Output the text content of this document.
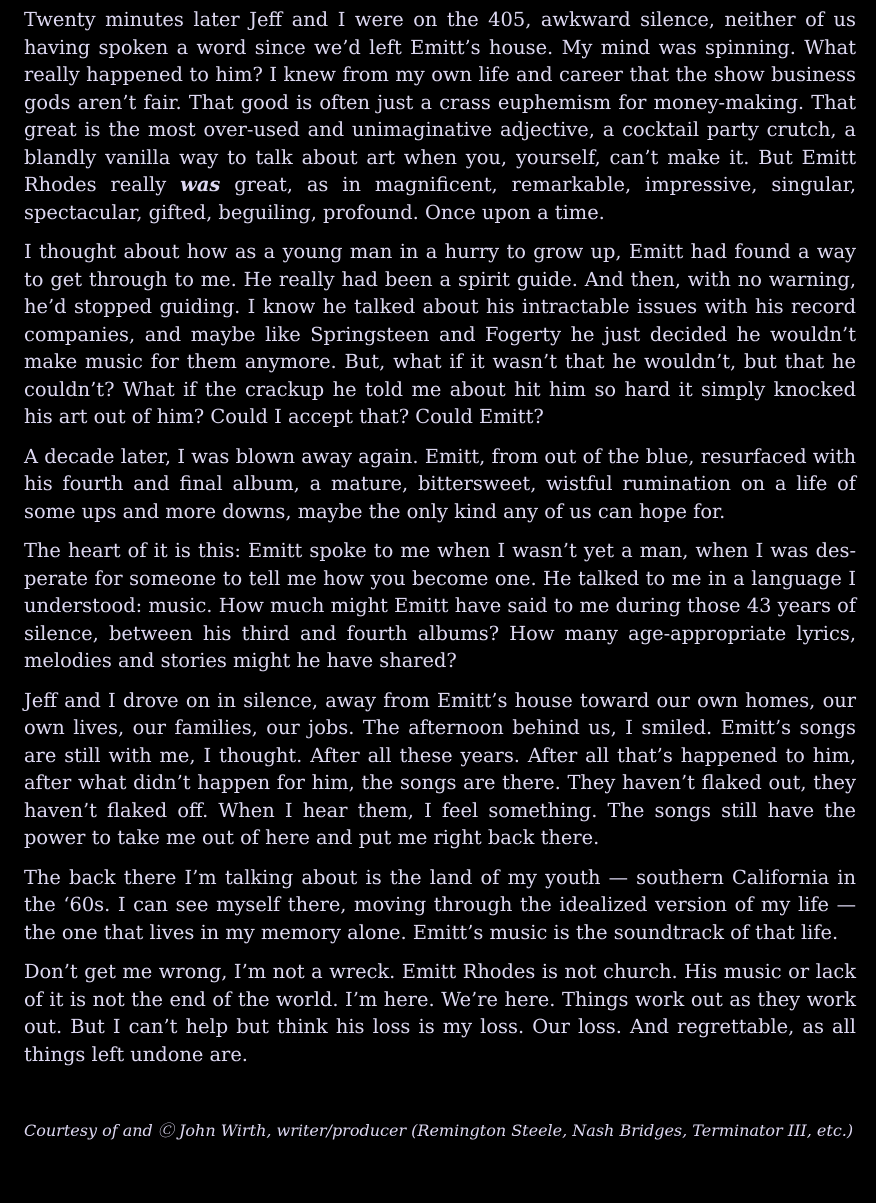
Twenty minutes later Jeff and I were on the 405, awkward silence, neither of us having spoken a word since we’d left Emitt’s house. My mind was spinning. What really happened to him? I knew from my own life and career that the show business gods aren’t fair. That good is often just a crass euphemism for money-making. That great is the most over-used and unimaginative adjective, a cocktail party crutch, a blandly vanilla way to talk about art when you, yourself, can’t make it. But Emitt Rhodes really was great, as in magnificent, remarkable, impressive, singular, spectacular, gifted, beguiling, profound. Once upon a time.

I thought about how as a young man in a hurry to grow up, Emitt had found a way to get through to me. He really had been a spirit guide. And then, with no warning, he’d stopped guiding. I know he talked about his intractable issues with his record companies, and maybe like Springsteen and Fogerty he just decided he wouldn’t make music for them anymore. But, what if it wasn’t that he wouldn’t, but that he couldn’t? What if the crackup he told me about hit him so hard it simply knocked his art out of him? Could I accept that? Could Emitt?

A decade later, I was blown away again. Emitt, from out of the blue, resurfaced with his fourth and final album, a mature, bittersweet, wistful rumination on a life of some ups and more downs, maybe the only kind any of us can hope for.

The heart of it is this: Emitt spoke to me when I wasn’t yet a man, when I was desperate for someone to tell me how you become one. He talked to me in a language I understood: music. How much might Emitt have said to me during those 43 years of silence, between his third and fourth albums? How many age-appropriate lyrics, melodies and stories might he have shared?

Jeff and I drove on in silence, away from Emitt’s house toward our own homes, our own lives, our families, our jobs. The afternoon behind us, I smiled. Emitt’s songs are still with me, I thought. After all these years. After all that’s happened to him, after what didn’t happen for him, the songs are there. They haven’t flaked out, they haven’t flaked off. When I hear them, I feel something. The songs still have the power to take me out of here and put me right back there.

The back there I’m talking about is the land of my youth — southern California in the ‘60s. I can see myself there, moving through the idealized version of my life — the one that lives in my memory alone. Emitt’s music is the soundtrack of that life.

Don’t get me wrong, I’m not a wreck. Emitt Rhodes is not church. His music or lack of it is not the end of the world. I’m here. We’re here. Things work out as they work out. But I can’t help but think his loss is my loss. Our loss. And regrettable, as all things left undone are.

Courtesy of and Ⓒ John Wirth, writer/producer (Remington Steele, Nash Bridges, Terminator III, etc.)
